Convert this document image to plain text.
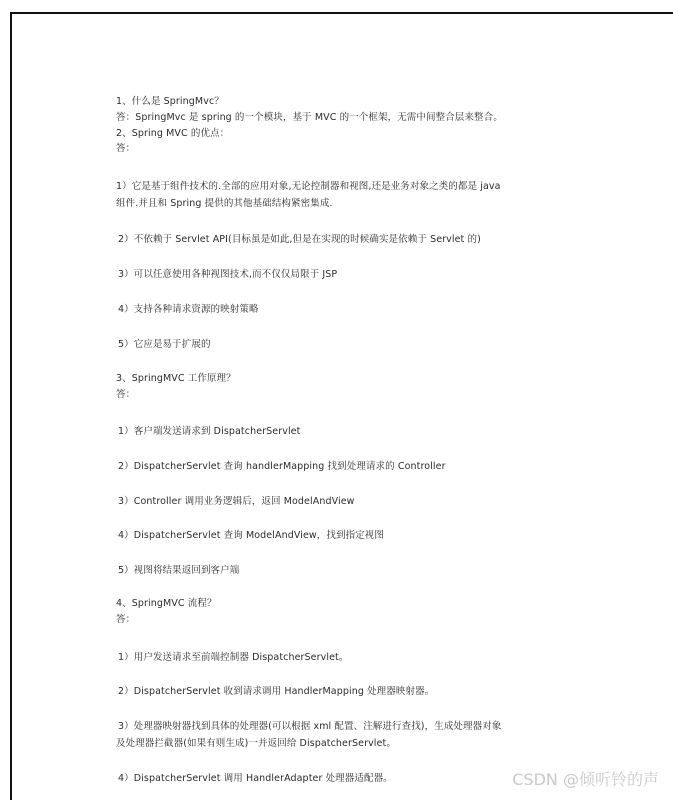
1、什么是 SpringMvc？
答：SpringMvc 是 spring 的一个模块，基于 MVC 的一个框架，无需中间整合层来整合。
2、Spring MVC 的优点：
答：
1）它是基于组件技术的.全部的应用对象,无论控制器和视图,还是业务对象之类的都是 java
组件.并且和 Spring 提供的其他基础结构紧密集成.
2）不依赖于 Servlet API(目标虽是如此,但是在实现的时候确实是依赖于 Servlet 的)
3）可以任意使用各种视图技术,而不仅仅局限于 JSP
4）支持各种请求资源的映射策略
5）它应是易于扩展的
3、SpringMVC 工作原理？
答：
1）客户端发送请求到 DispatcherServlet
2）DispatcherServlet 查询 handlerMapping 找到处理请求的 Controller
3）Controller 调用业务逻辑后，返回 ModelAndView
4）DispatcherServlet 查询 ModelAndView，找到指定视图
5）视图将结果返回到客户端
4、SpringMVC 流程？
答：
1）用户发送请求至前端控制器 DispatcherServlet。
2）DispatcherServlet 收到请求调用 HandlerMapping 处理器映射器。
3）处理器映射器找到具体的处理器(可以根据 xml 配置、注解进行查找)，生成处理器对象
及处理器拦截器(如果有则生成)一并返回给 DispatcherServlet。
4）DispatcherServlet 调用 HandlerAdapter 处理器适配器。	CSDN @倾听铃的声
